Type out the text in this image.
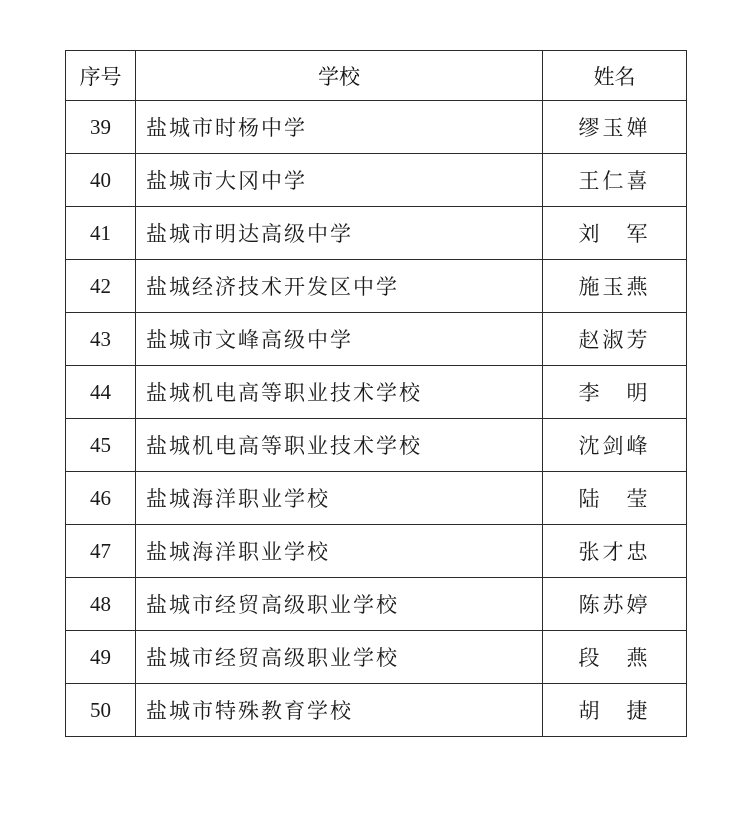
序号	学校	姓名
39	盐城市时杨中学	缪玉婵
40	盐城市大冈中学	王仁喜
41	盐城市明达高级中学	刘　军
42	盐城经济技术开发区中学	施玉燕
43	盐城市文峰高级中学	赵淑芳
44	盐城机电高等职业技术学校	李　明
45	盐城机电高等职业技术学校	沈剑峰
46	盐城海洋职业学校	陆　莹
47	盐城海洋职业学校	张才忠
48	盐城市经贸高级职业学校	陈苏婷
49	盐城市经贸高级职业学校	段　燕
50	盐城市特殊教育学校	胡　捷
